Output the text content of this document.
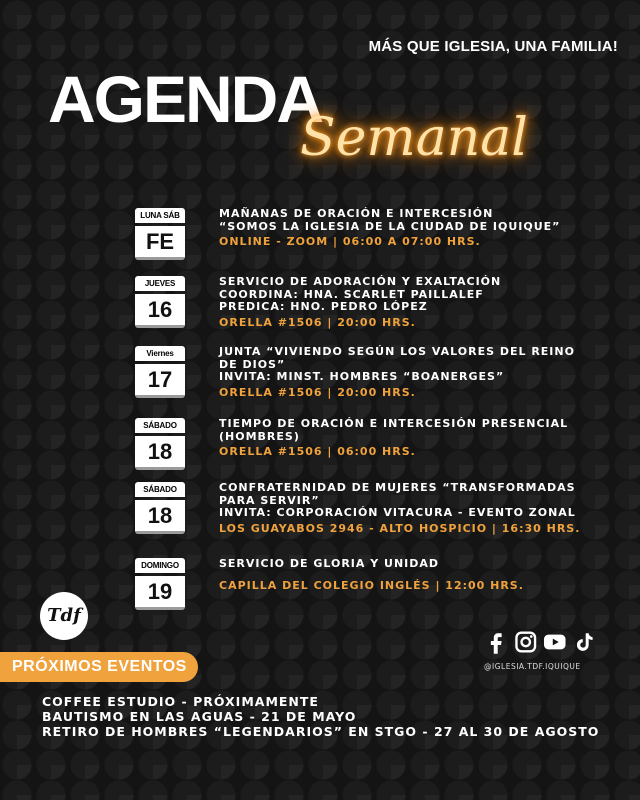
MÁS QUE IGLESIA, UNA FAMILIA!
AGENDA
Semanal
LUNA SÁB
FE
MAÑANAS DE ORACIÓN E INTERCESIÓN
“SOMOS LA IGLESIA DE LA CIUDAD DE IQUIQUE”
ONLINE - ZOOM | 06:00 A 07:00 HRS.
JUEVES
16
SERVICIO DE ADORACIÓN Y EXALTACIÓN
COORDINA: HNA. SCARLET PAILLALEF
PREDICA: HNO. PEDRO LÓPEZ
ORELLA #1506 | 20:00 HRS.
Viernes
17
JUNTA “VIVIENDO SEGÚN LOS VALORES DEL REINO
DE DIOS”
INVITA: MINST. HOMBRES “BOANERGES”
ORELLA #1506 | 20:00 HRS.
SÁBADO
18
TIEMPO DE ORACIÓN E INTERCESIÓN PRESENCIAL
(HOMBRES)
ORELLA #1506 | 06:00 HRS.
SÁBADO
18
CONFRATERNIDAD DE MUJERES “TRANSFORMADAS
PARA SERVIR”
INVITA: CORPORACIÓN VITACURA - EVENTO ZONAL
LOS GUAYABOS 2946 - ALTO HOSPICIO | 16:30 HRS.
DOMINGO
19
SERVICIO DE GLORIA Y UNIDAD
CAPILLA DEL COLEGIO INGLÉS | 12:00 HRS.
Tdf
@IGLESIA.TDF.IQUIQUE
PRÓXIMOS EVENTOS
COFFEE ESTUDIO - PRÓXIMAMENTE
BAUTISMO EN LAS AGUAS - 21 DE MAYO
RETIRO DE HOMBRES “LEGENDARIOS” EN STGO - 27 AL 30 DE AGOSTO
